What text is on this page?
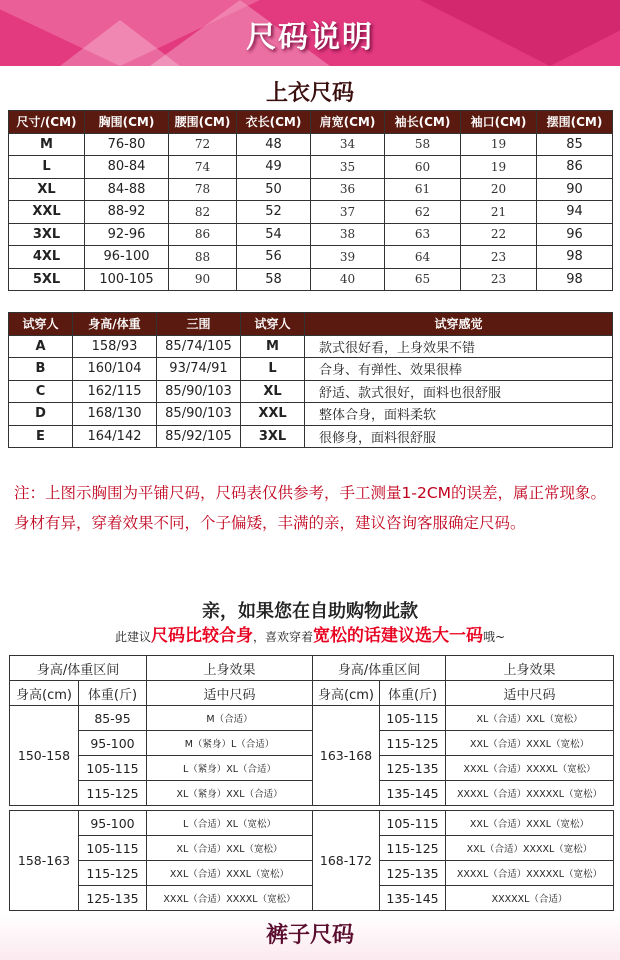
尺码说明
上衣尺码
尺寸/(CM)	胸围(CM)	腰围(CM)	衣长(CM)	肩宽(CM)	袖长(CM)	袖口(CM)	摆围(CM)
M	76-80	72	48	34	58	19	85
L	80-84	74	49	35	60	19	86
XL	84-88	78	50	36	61	20	90
XXL	88-92	82	52	37	62	21	94
3XL	92-96	86	54	38	63	22	96
4XL	96-100	88	56	39	64	23	98
5XL	100-105	90	58	40	65	23	98
试穿人	身高/体重	三围	试穿人	试穿感觉
A	158/93	85/74/105	M	款式很好看，上身效果不错
B	160/104	93/74/91	L	合身、有弹性、效果很棒
C	162/115	85/90/103	XL	舒适、款式很好，面料也很舒服
D	168/130	85/90/103	XXL	整体合身，面料柔软
E	164/142	85/92/105	3XL	很修身，面料很舒服
注：上图示胸围为平铺尺码，尺码表仅供参考，手工测量1-2CM的误差，属正常现象。身材有异，穿着效果不同，个子偏矮，丰满的亲，建议咨询客服确定尺码。
亲，如果您在自助购物此款
此建议尺码比较合身，喜欢穿着宽松的话建议选大一码哦~
身高/体重区间		上身效果	身高/体重区间		上身效果
身高(cm)	体重(斤)	适中尺码	身高(cm)	体重(斤)	适中尺码
150-158	85-95	M（合适）	163-168	105-115	XL（合适）XXL（宽松）
	95-100	M（紧身）L（合适）		115-125	XXL（合适）XXXL（宽松）
	105-115	L（紧身）XL（合适）		125-135	XXXL（合适）XXXXL（宽松）
	115-125	XL（紧身）XXL（合适）		135-145	XXXXL（合适）XXXXXL（宽松）
158-163	95-100	L（合适）XL（宽松）	168-172	105-115	XXL（合适）XXXL（宽松）
	105-115	XL（合适）XXL（宽松）		115-125	XXL（合适）XXXXL（宽松）
	115-125	XXL（合适）XXXL（宽松）		125-135	XXXXL（合适）XXXXXL（宽松）
	125-135	XXXL（合适）XXXXL（宽松）		135-145	XXXXXL（合适）
裤子尺码
